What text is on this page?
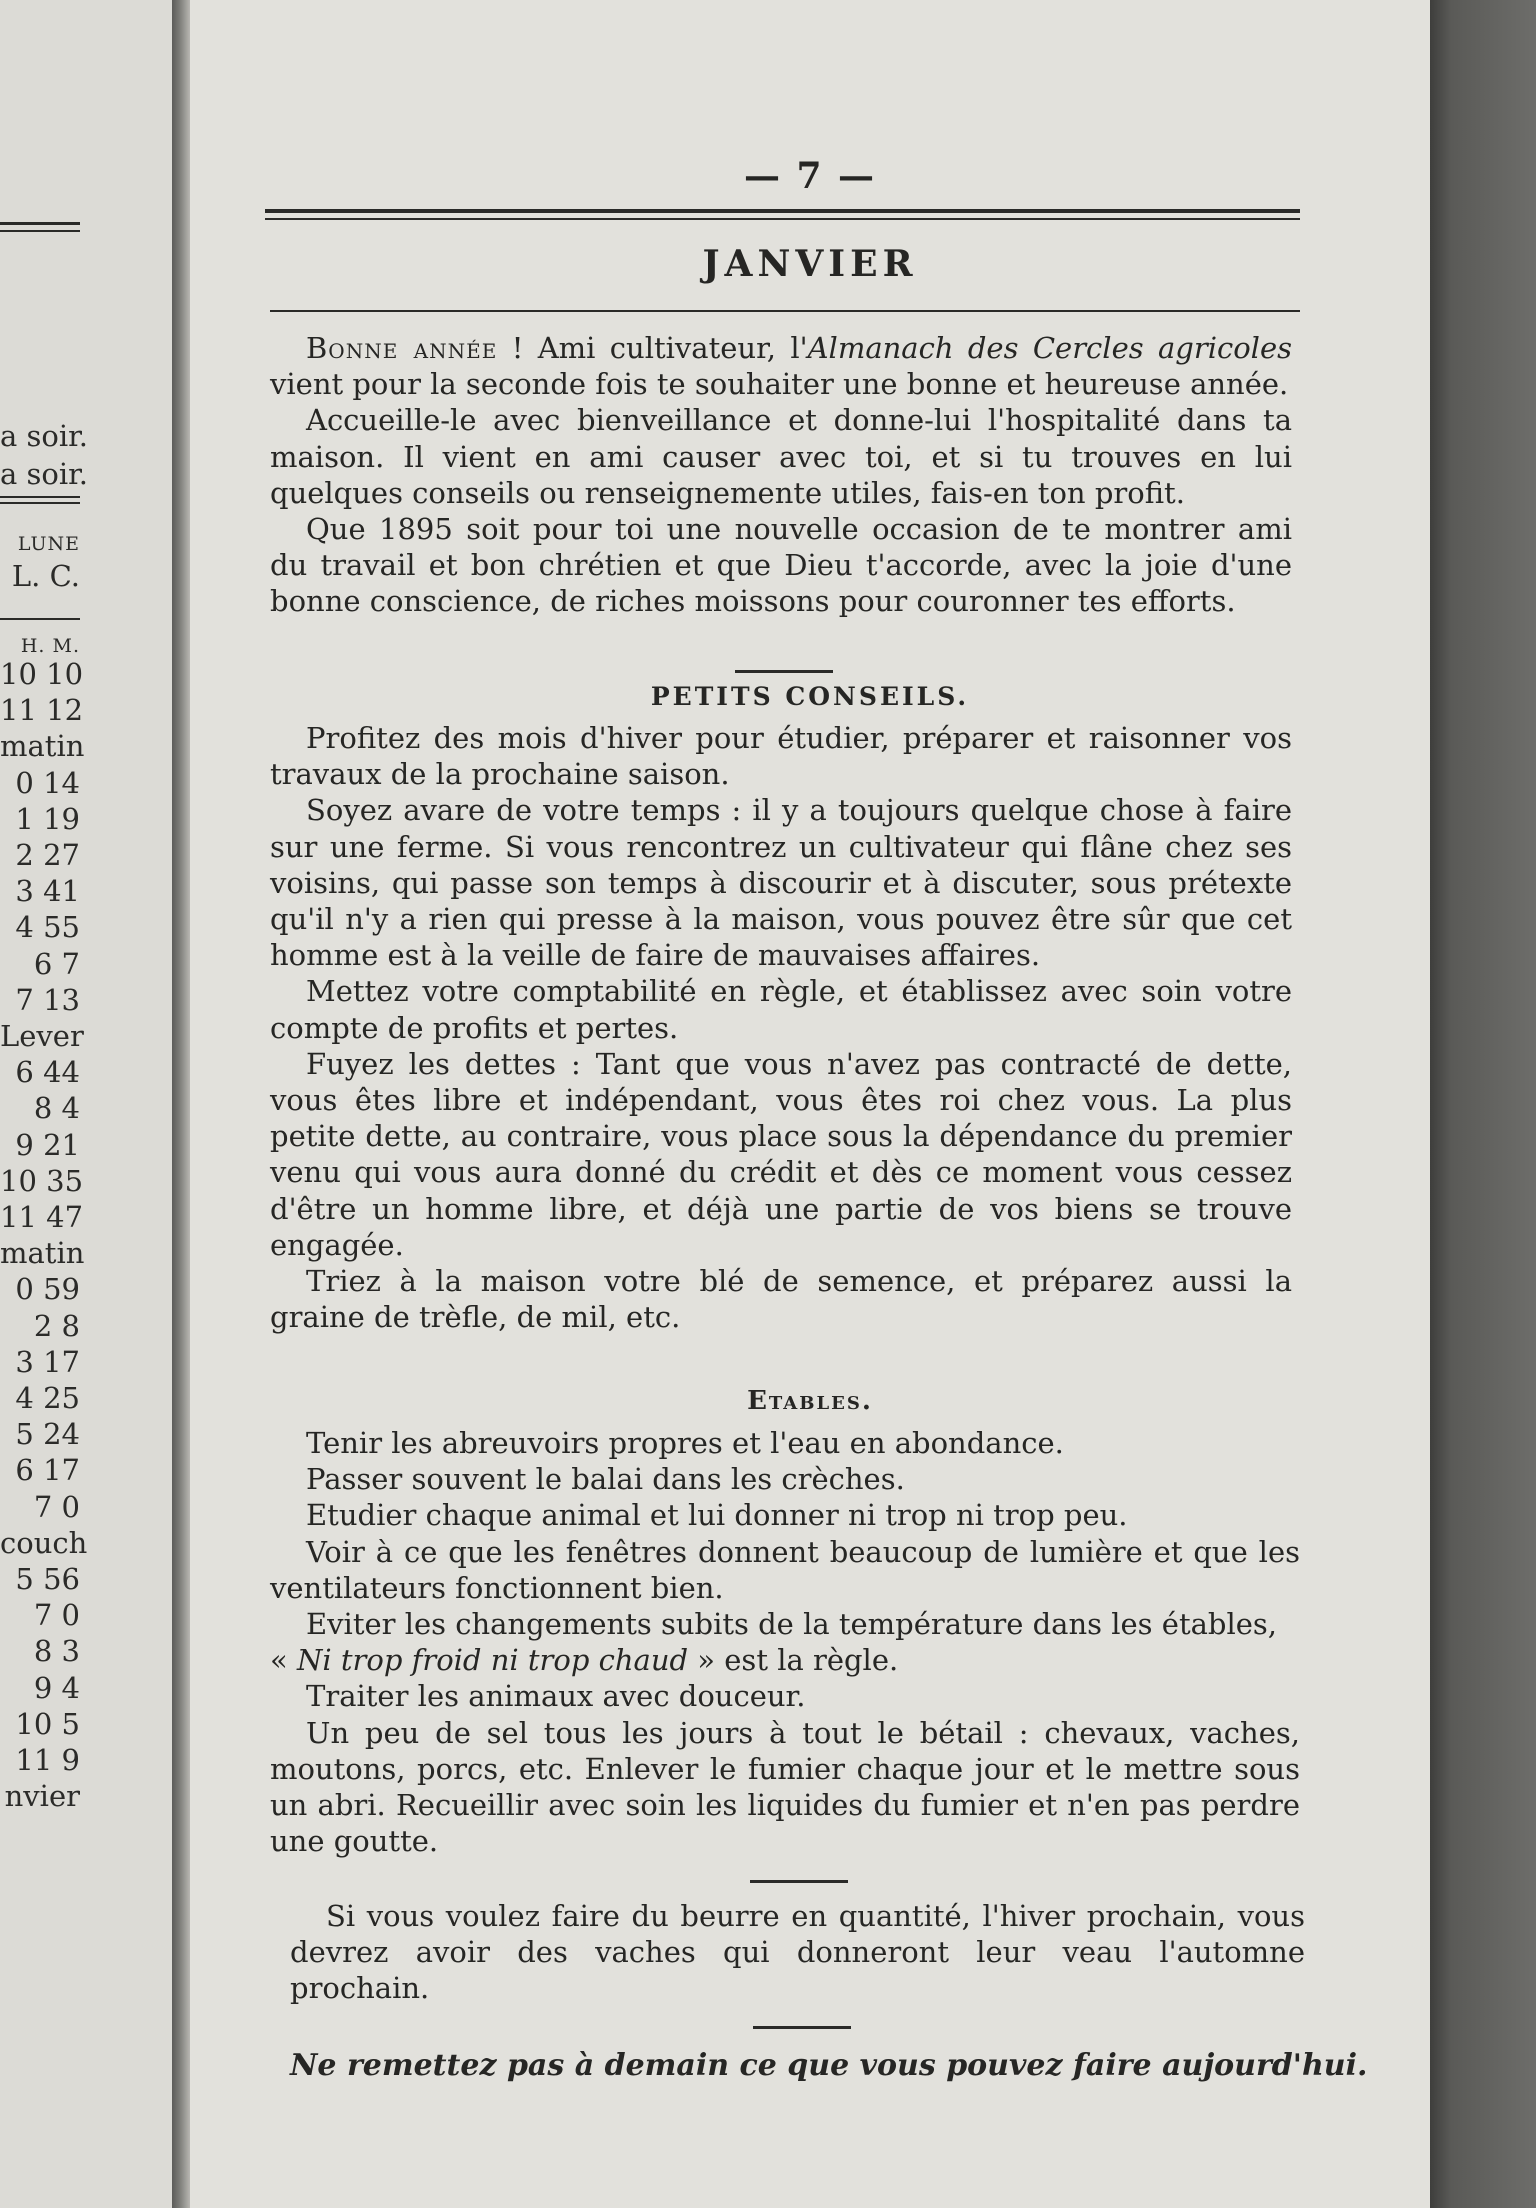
a soir.
a soir.
LUNE
L. C.
H. M.
10 10
11 12
matin
0 14
1 19
2 27
3 41
4 55
6 7
7 13
Lever
6 44
8 4
9 21
10 35
11 47
matin
0 59
2 8
3 17
4 25
5 24
6 17
7 0
couch
5 56
7 0
8 3
9 4
10 5
11 9
nvier
— 7 —
JANVIER

Bonne année ! Ami cultivateur, l'Almanach des Cercles agricoles vient pour la seconde fois te souhaiter une bonne et heureuse année.

Accueille-le avec bienveillance et donne-lui l'hospitalité dans ta maison. Il vient en ami causer avec toi, et si tu trouves en lui quelques conseils ou renseignemente utiles, fais-en ton profit.

Que 1895 soit pour toi une nouvelle occasion de te montrer ami du travail et bon chrétien et que Dieu t'accorde, avec la joie d'une bonne conscience, de riches moissons pour couronner tes efforts.

PETITS CONSEILS.

Profitez des mois d'hiver pour étudier, préparer et raisonner vos travaux de la prochaine saison.

Soyez avare de votre temps : il y a toujours quelque chose à faire sur une ferme. Si vous rencontrez un cultivateur qui flâne chez ses voisins, qui passe son temps à discourir et à discuter, sous prétexte qu'il n'y a rien qui presse à la maison, vous pouvez être sûr que cet homme est à la veille de faire de mauvaises affaires.

Mettez votre comptabilité en règle, et établissez avec soin votre compte de profits et pertes.

Fuyez les dettes : Tant que vous n'avez pas contracté de dette, vous êtes libre et indépendant, vous êtes roi chez vous. La plus petite dette, au contraire, vous place sous la dépendance du premier venu qui vous aura donné du crédit et dès ce moment vous cessez d'être un homme libre, et déjà une partie de vos biens se trouve engagée.

Triez à la maison votre blé de semence, et préparez aussi la graine de trèfle, de mil, etc.

Etables.

Tenir les abreuvoirs propres et l'eau en abondance.

Passer souvent le balai dans les crèches.

Etudier chaque animal et lui donner ni trop ni trop peu.

Voir à ce que les fenêtres donnent beaucoup de lumière et que les ventilateurs fonctionnent bien.

Eviter les changements subits de la température dans les étables,
« Ni trop froid ni trop chaud » est la règle.

Traiter les animaux avec douceur.

Un peu de sel tous les jours à tout le bétail : chevaux, vaches, moutons, porcs, etc. Enlever le fumier chaque jour et le mettre sous un abri. Recueillir avec soin les liquides du fumier et n'en pas perdre une goutte.

Si vous voulez faire du beurre en quantité, l'hiver prochain, vous devrez avoir des vaches qui donneront leur veau l'automne prochain.

Ne remettez pas à demain ce que vous pouvez faire aujourd'hui.
